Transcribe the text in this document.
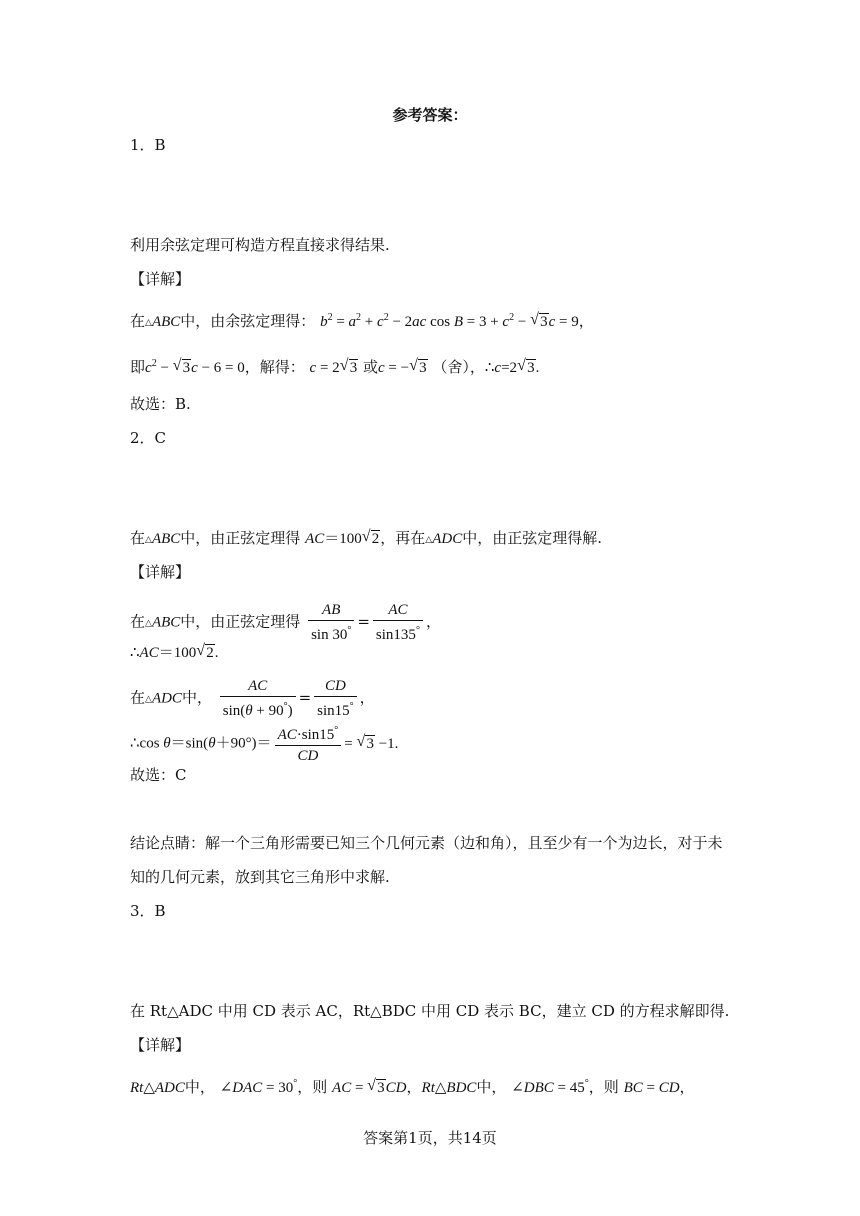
参考答案：
1．B
利用余弦定理可构造方程直接求得结果.
【详解】
在△ABC中，由余弦定理得： $b^2 = a^2 + c^2 - 2ac$ $\cos B = 3 + c^2$ − √ 3c = 9，
即$c^2$ − √ 3c − 6 = 0，解得： c = 2 √ 3 或c = − √ 3 （舍），∴c=2 √ 3.
故选：B.
2．C
在△ABC中，由正弦定理得 AC＝100 √ 2，再在△ADC中，由正弦定理得解.
【详解】
在△ABC中，由正弦定理得 $\frac{AB}{\sin 30^\circ} = \frac{AC}{\sin 135^\circ}$ ，
∴AC＝100 √ 2.
在△ADC中， $\frac{AC}{\sin(\theta + 90^\circ)} = \frac{CD}{\sin 15^\circ}$ ，
∴cos $\theta=\sin(\theta+90^\circ)= \frac{AC\cdot\sin 15^\circ}{CD}$ = √ 3 −1.
故选：C
结论点睛：解一个三角形需要已知三个几何元素（边和角），且至少有一个为边长，对于未
知的几何元素，放到其它三角形中求解.
3．B
在 Rt△ADC 中用 CD 表示 AC，Rt△BDC 中用 CD 表示 BC，建立 CD 的方程求解即得.
【详解】
Rt△ADC中， ∠DAC = 30°，则 AC = √ 3CD，Rt△BDC中， ∠DBC = 45°，则 BC = CD，
答案第1页，共14页
